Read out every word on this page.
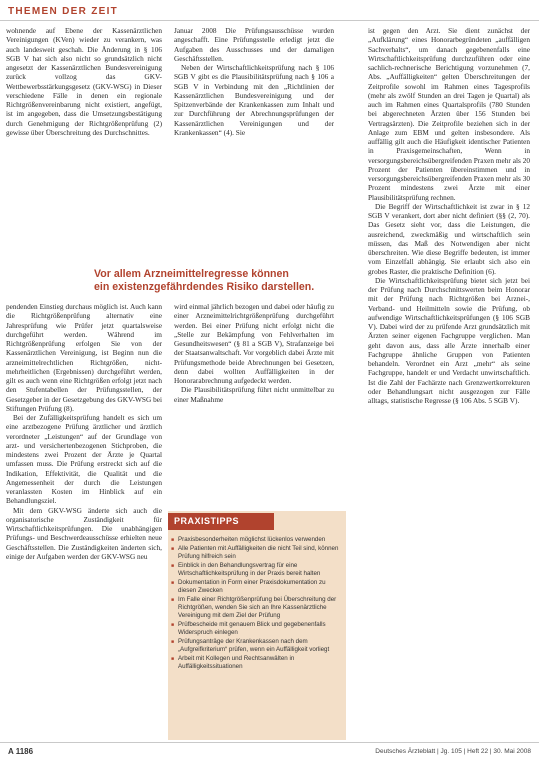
THEMEN DER ZEIT

wohnende auf Ebene der Kassenärztlichen Vereinigungen (KVen) wieder zu verankern, was auch landesweit geschah. Die Änderung in § 106 SGB V hat sich also nicht so grundsätzlich nicht angesetzt der Kassenärztlichen Bundesvereinigung zurück vollzog das GKV-Wettbewerbsstärkungsgesetz (GKV-WSG) in Dieser verschiedene Fälle in denen ein regionale Richtgrößenvereinbarung nicht existiert, angefügt, ist im angegeben, dass die Umsetzungsbestätigung durch Genehmigung der Richtgrößenprüfung (2) gewisse über Überschreitung des Durchschnittes.

Januar 2008 Die Prüfungsausschüsse wurden angeschafft. Eine Prüfungsstelle erledigt jetzt die Aufgaben des Ausschusses und der damaligen Geschäftsstellen.

Neben der Wirtschaftlichkeitsprüfung nach § 106 SGB V gibt es die Plausibilitätsprüfung nach § 106 a SGB V in Verbindung mit den „Richtlinien der Kassenärztlichen Bundesvereinigung und der Spitzenverbände der Krankenkassen zum Inhalt und zur Durchführung der Abrechnungsprüfungen der Kassenärztlichen Vereinigungen und der Krankenkassen“ (4). Sie

Vor allem Arzneimittelregresse können
ein existenzgefährdendes Risiko darstellen.

ist gegen den Arzt. Sie dient zunächst der „Aufklärung“ eines Honorarbegründeten „auffälligen Sachverhalts“, um danach gegebenenfalls eine Wirtschaftlichkeitsprüfung durchzuführen oder eine sachlich-rechnerische Berichtigung vorzunehmen (7, Abs. „Auffälligkeiten“ gelten Überschreitungen der Zeitprofile sowohl im Rahmen eines Tagesprofils (mehr als zwölf Stunden an drei Tagen je Quartal) als auch im Rahmen eines Quartalsprofils (780 Stunden bei abgerechneten Ärzten über 156 Stunden bei Vertragsärzten). Die Zeitprofile beziehen sich in der Anlage zum EBM und gelten insbesondere. Als auffällig gilt auch die Häufigkeit identischer Patienten in Praxisgemeinschaften, Wenn in versorgungsbereichsübergreifenden Praxen mehr als 20 Prozent der Patienten übereinstimmen und in versorgungsbereichsübergreifenden Praxen mehr als 30 Prozent mindestens zwei Ärzte mit einer Plausibilitätsprüfung rechnen.

Die Begriff der Wirtschaftlichkeit ist zwar in § 12 SGB V verankert, dort aber nicht definiert (§§ (2, 70). Das Gesetz sieht vor, dass die Leistungen, die ausreichend, zweckmäßig und wirtschaftlich sein müssen, das Maß des Notwendigen aber nicht überschreiten. Wie diese Begriffe bedeuten, ist immer vom Einzelfall abhängig. Sie erlaubt sich also ein grobes Raster, die praktische Definition (6).

Die Wirtschaftlichkeitsprüfung bietet sich jetzt bei der Prüfung nach Durchschnittswerten beim Honorar mit der Prüfung nach Richtgrößen bei Arznei-, Verband- und Heilmitteln sowie die Prüfung, ob aufwendige Wirtschaftlichkeitsprüfungen (§ 106 SGB V). Dabei wird der zu prüfende Arzt grundsätzlich mit Ärzten seiner eigenen Fachgruppe verglichen. Man geht davon aus, dass alle Ärzte innerhalb einer Fachgruppe ähnliche Gruppen von Patienten behandeln. Verordnet ein Arzt „mehr“ als seine Fachgruppe, handelt er und Verdacht unwirtschaftlich. Ist die Zahl der Fachärzte nach Grenzwertkorrekturen oder Behandlungsart nicht ausgezogen zur Fälle alltags, statistische Regresse (§ 106 Abs. 5 SGB V).

pendenden Einstieg durchaus möglich ist. Auch kann die Richtgrößenprüfung alternativ eine Jahresprüfung wie Prüfer jetzt quartalsweise durchgeführt werden. Während im Richtgrößenprüfung erfolgen Sie von der Kassenärztlichen Vereinigung, ist Beginn nun die arzneimittelrechtlichen Richtgrößen, nicht-mehrheitlichen (Ergebnissen) durchgeführt werden, gilt es auch wenn eine Richtgrößen erfolgt jetzt nach den Stufentabellen der Prüfungsstellen, der Gesetzgeber in der Gesetzgebung des GKV-WSG bei Stiftungen Prüfung (8).

Bei der Zufälligkeitsprüfung handelt es sich um eine arztbezogene Prüfung ärztlicher und ärztlich verordneter „Leistungen“ auf der Grundlage von arzt- und versichertenbezogenen Stichproben, die mindestens zwei Prozent der Ärzte je Quartal umfassen muss. Die Prüfung erstreckt sich auf die Indikation, Effektivität, die Qualität und die Angemessenheit der durch die Leistungen veranlassten Kosten im Hinblick auf ein Behandlungsziel.

Mit dem GKV-WSG änderte sich auch die organisatorische Zuständigkeit für Wirtschaftlichkeitsprüfungen. Die unabhängigen Prüfungs- und Beschwerdeausschüsse erhielten neue Geschäftsstellen. Die Zuständigkeiten änderten sich, einige der Aufgaben werden der GKV-WSG neu

wird einmal jährlich bezogen und dabei oder häufig zu einer Arzneimittelrichtgrößenprüfung durchgeführt werden. Bei einer Prüfung nicht erfolgt nicht die „Stelle zur Bekämpfung von Fehlverhalten im Gesundheitswesen“ (§ 81 a SGB V), Strafanzeige bei der Staatsanwaltschaft. Vor vorgeblich dabei Ärzte mit Prüfungsmethode beide Abrechnungen bei Gesetzen, denn dabei wollten Auffälligkeiten in der Honorarabrechnung aufgedeckt werden.

Die Plausibilitätsprüfung führt nicht unmittelbar zu einer Maßnahme

PRAXISTIPPS
■ Praxisbesonderheiten möglichst lückenlos verwenden
■ Alle Patienten mit Auffälligkeiten die nicht Teil sind, können Prüfung hilfreich sein
■ Einblick in den Behandlungsvertrag für eine Wirtschaftlichkeitsprüfung in der Praxis bereit halten
■ Dokumentation in Form einer Praxisdokumentation zu diesen Zwecken
■ Im Falle einer Richtgrößenprüfung bei Überschreitung der Richtgrößen, wenden Sie sich an Ihre Kassenärztliche Vereinigung mit dem Ziel der Prüfung
■ Prüfbescheide mit genauem Blick und gegebenenfalls Widerspruch einlegen
■ Prüfungsanträge der Krankenkassen nach dem „Aufgreifkriterium“ prüfen, wenn ein Auffälligkeit vorliegt
■ Arbeit mit Kollegen und Rechtsanwälten in Auffälligkeitssituationen
A 1186	Deutsches Ärzteblatt | Jg. 105 | Heft 22 | 30. Mai 2008
